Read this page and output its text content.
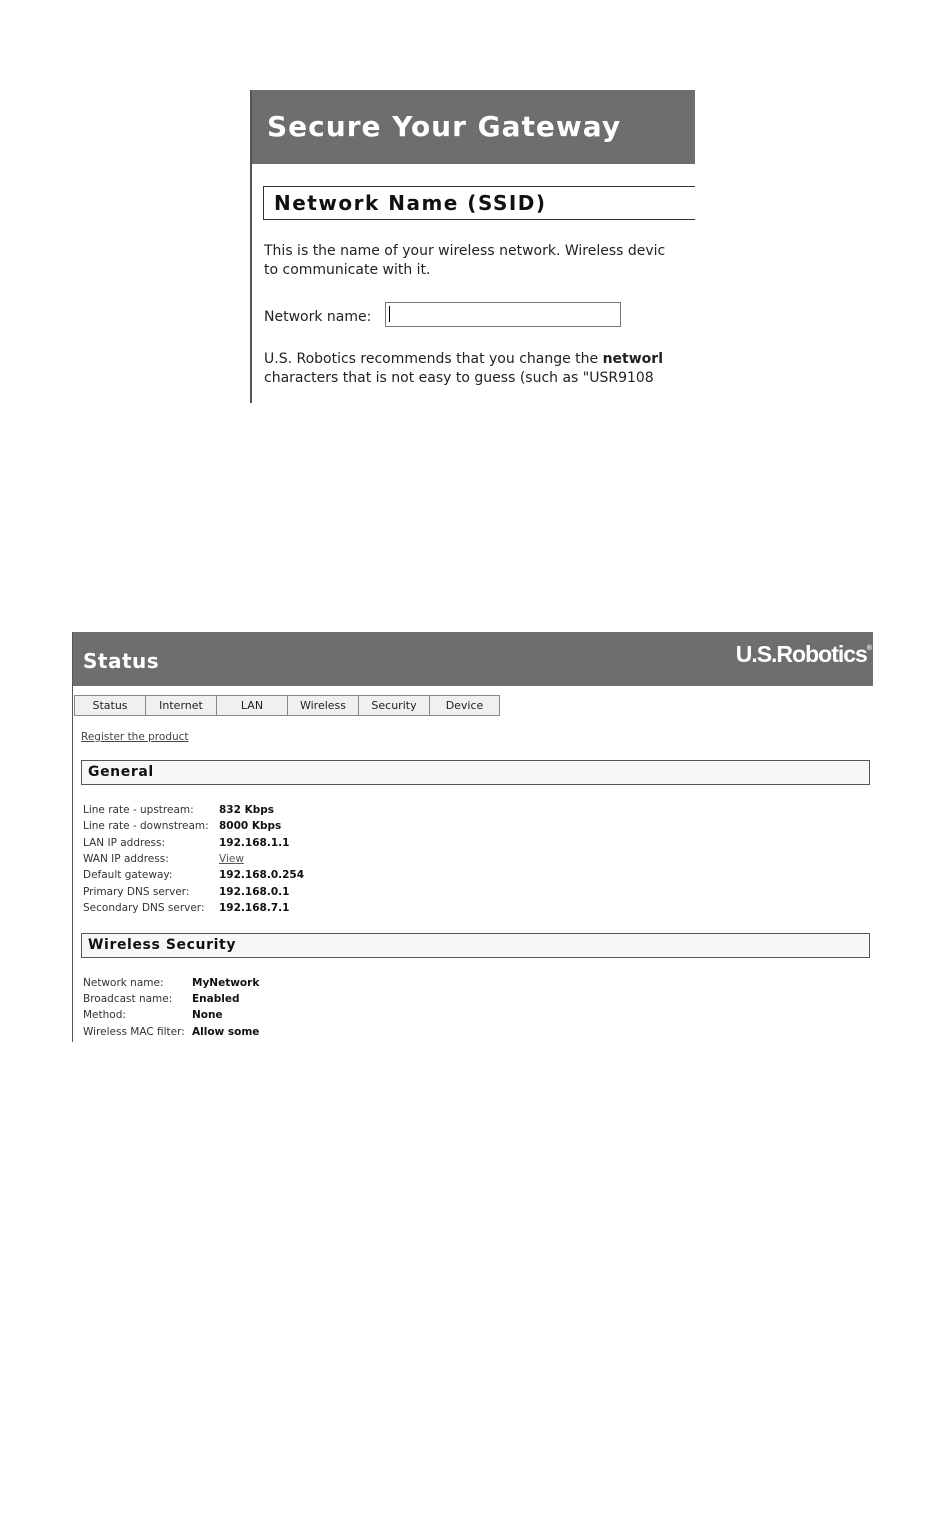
Secure Your Gateway
Network Name (SSID)
This is the name of your wireless network. Wireless devic
to communicate with it.
Network name:
U.S. Robotics recommends that you change the networl
characters that is not easy to guess (such as "USR9108
Status	U.S.Robotics®
Status	Internet	LAN	Wireless	Security	Device
Register the product
General
Line rate - upstream: 832 Kbps
Line rate - downstream: 8000 Kbps
LAN IP address:	192.168.1.1
WAN IP address:	View
Default gateway:	192.168.0.254
Primary DNS server:	192.168.0.1
Secondary DNS server: 192.168.7.1
Wireless Security
Network name:	MyNetwork
Broadcast name: Enabled
Method:	None
Wireless MAC filter: Allow some
